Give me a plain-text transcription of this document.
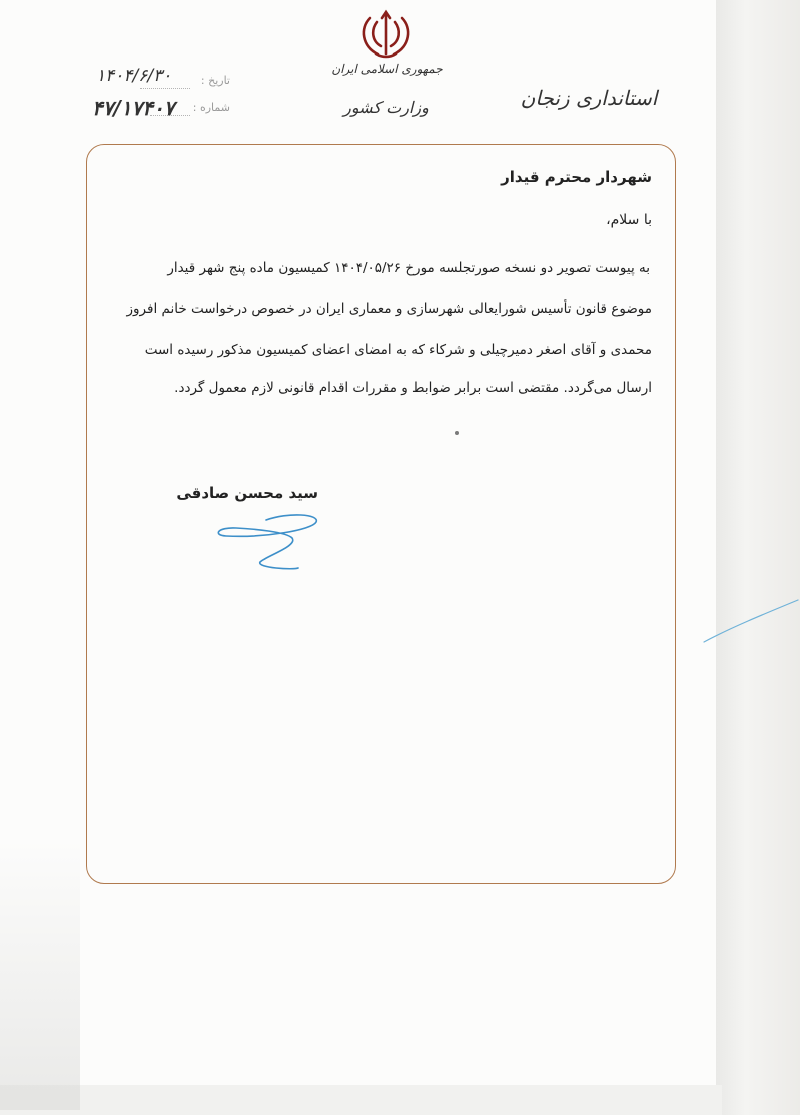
جمهوری اسلامی ایران
وزارت کشور	استانداری زنجان
تاریخ :
۱۴۰۴/۶/۳۰
شماره :
۴۷/۱۷۴۰۷
شهردار محترم قیدار
با سلام،
به پیوست تصویر دو نسخه صورتجلسه مورخ ۱۴۰۴/۰۵/۲۶ کمیسیون ماده پنج شهر قیدار
موضوع قانون تأسیس شورایعالی شهرسازی و معماری ایران در خصوص درخواست خانم افروز
محمدی و آقای اصغر دمیرچیلی و شرکاء که به امضای اعضای کمیسیون مذکور رسیده است
ارسال می‌گردد. مقتضی است برابر ضوابط و مقررات اقدام قانونی لازم معمول گردد.
سید محسن صادقی
